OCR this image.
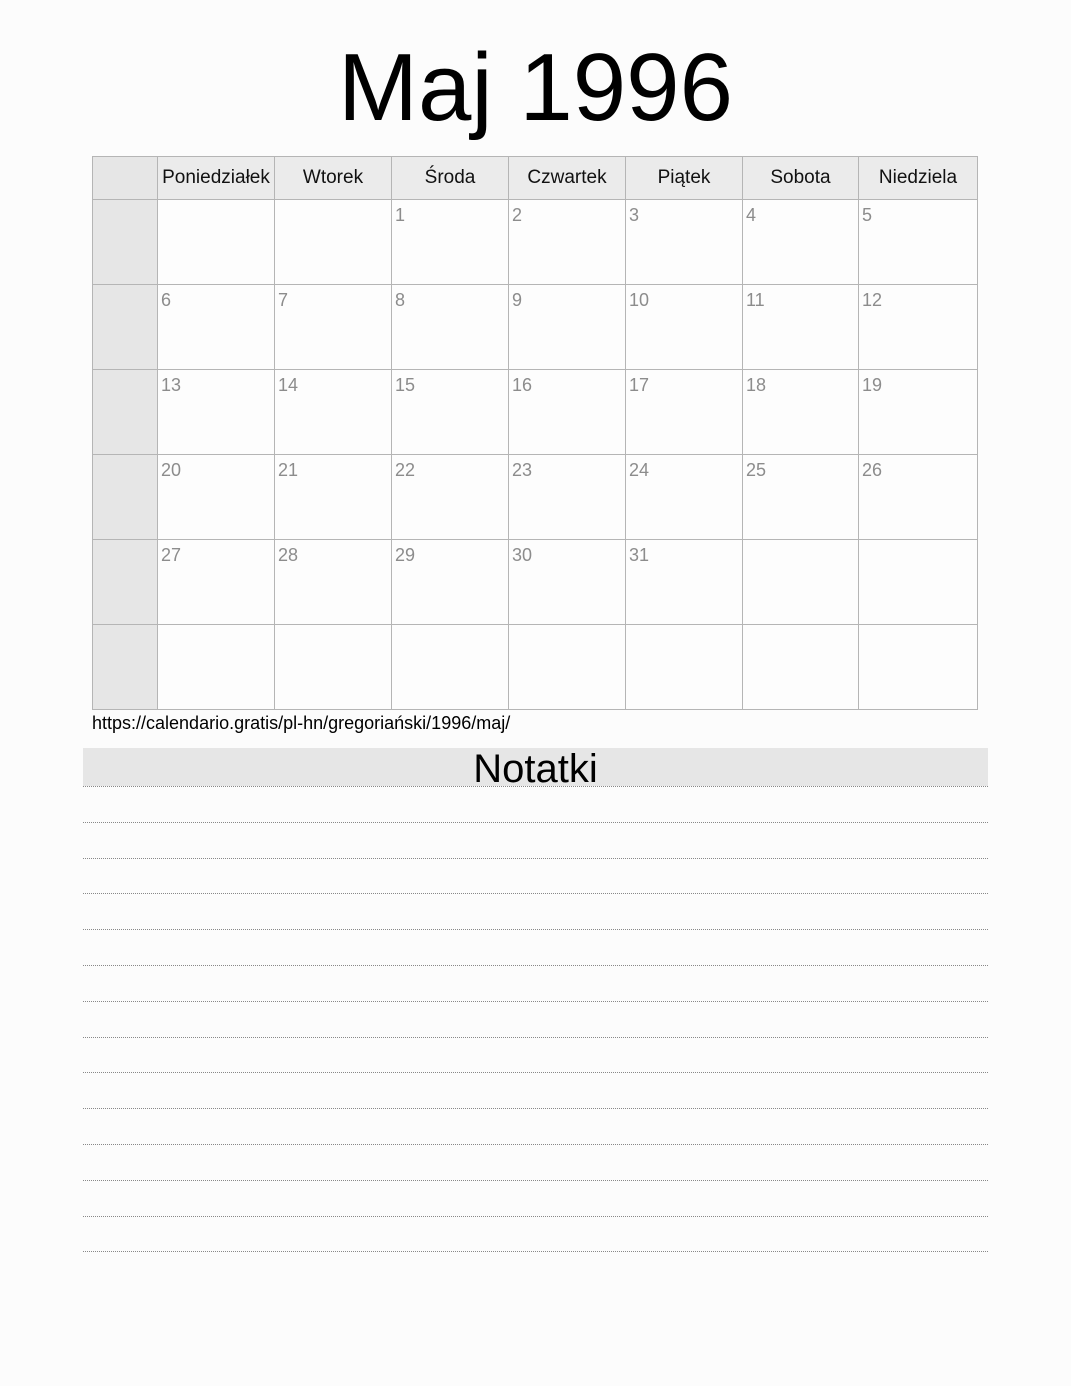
Maj 1996
	Poniedziałek	Wtorek	Środa	Czwartek	Piątek	Sobota	Niedziela

			1	2	3	4	5

	6	7	8	9	10	11	12

	13	14	15	16	17	18	19

	20	21	22	23	24	25	26

	27	28	29	30	31		

https://calendario.gratis/pl-hn/gregoriański/1996/maj/
Notatki
